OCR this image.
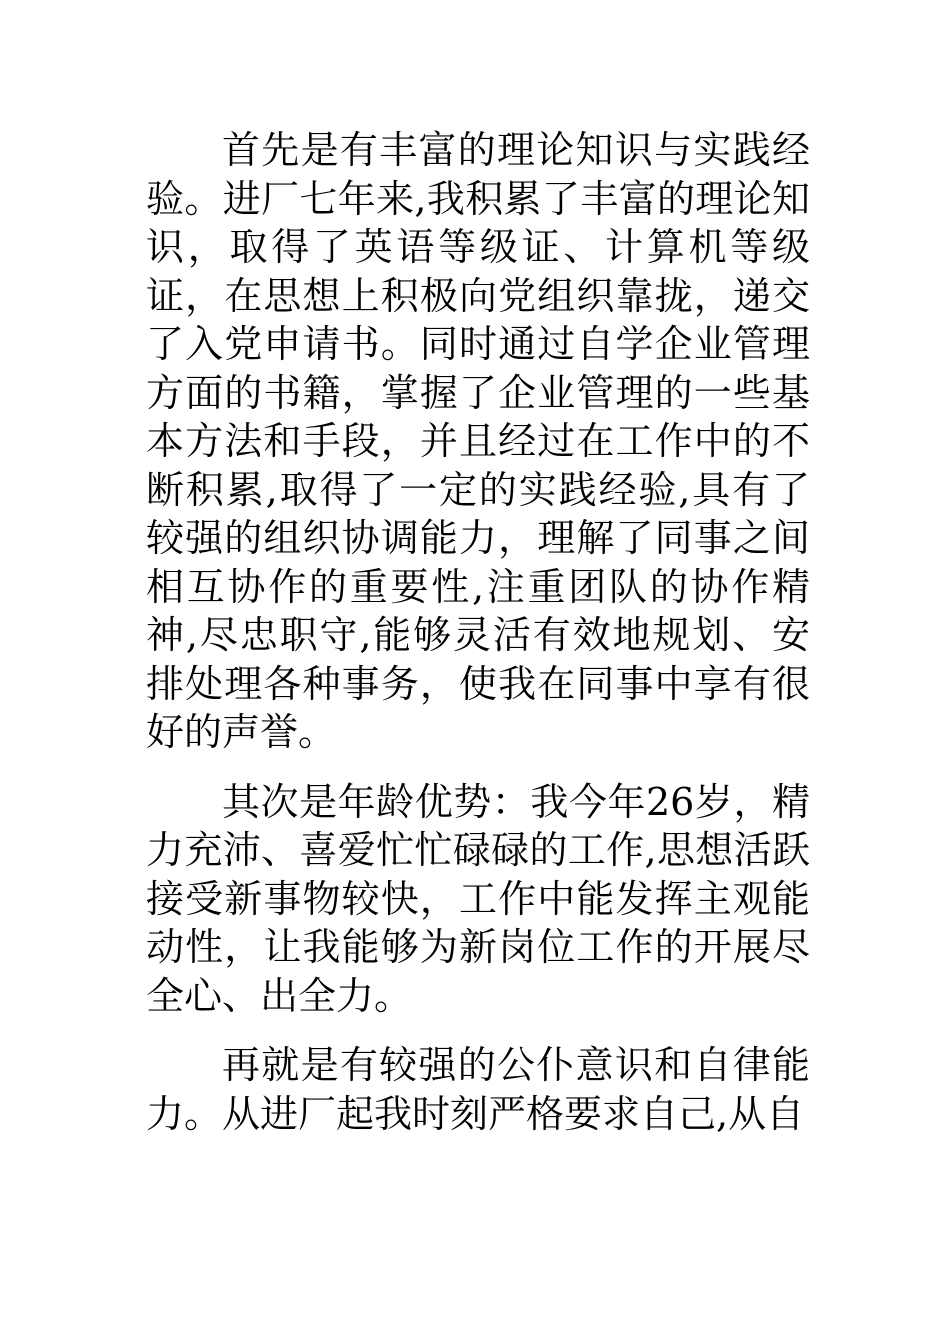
首先是有丰富的理论知识与实践经验。进厂七年来,我积累了丰富的理论知识，取得了英语等级证、计算机等级证，在思想上积极向党组织靠拢，递交了入党申请书。同时通过自学企业管理方面的书籍，掌握了企业管理的一些基本方法和手段，并且经过在工作中的不断积累,取得了一定的实践经验,具有了较强的组织协调能力，理解了同事之间相互协作的重要性,注重团队的协作精神,尽忠职守,能够灵活有效地规划、安排处理各种事务，使我在同事中享有很好的声誉。

其次是年龄优势：我今年26岁，精力充沛、喜爱忙忙碌碌的工作,思想活跃接受新事物较快，工作中能发挥主观能动性，让我能够为新岗位工作的开展尽全心、出全力。

再就是有较强的公仆意识和自律能力。从进厂起我时刻严格要求自己,从自
